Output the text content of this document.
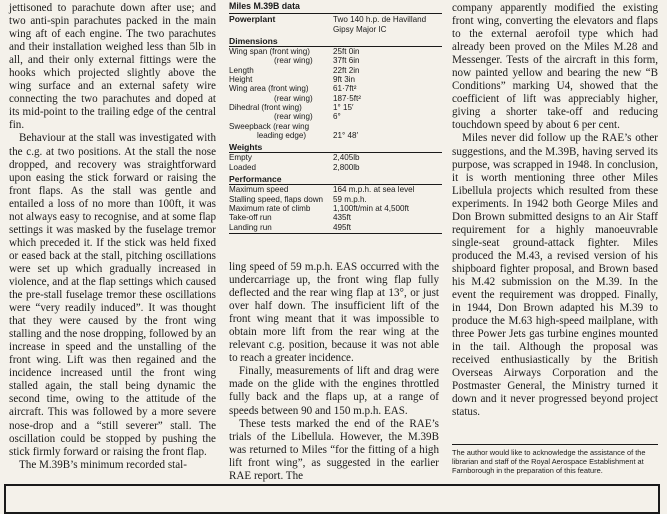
jettisoned to parachute down after use; and two anti-spin parachutes packed in the main wing aft of each engine. The two parachutes and their installation weighed less than 5lb in all, and their only external fittings were the hooks which projected slightly above the wing surface and an external safety wire connecting the two parachutes and doped at its mid-point to the trailing edge of the central fin.

Behaviour at the stall was investigated with the c.g. at two positions. At the stall the nose dropped, and recovery was straightforward upon easing the stick forward or raising the front flaps. As the stall was gentle and entailed a loss of no more than 100ft, it was not always easy to recognise, and at some flap settings it was masked by the fuselage tremor which preceded it. If the stick was held fixed or eased back at the stall, pitching oscillations were set up which gradually increased in violence, and at the flap settings which caused the pre-stall fuselage tremor these oscillations were “very readily induced”. It was thought that they were caused by the front wing stalling and the nose dropping, followed by an increase in speed and the unstalling of the front wing. Lift was then regained and the incidence increased until the front wing stalled again, the stall being dynamic the second time, owing to the attitude of the aircraft. This was followed by a more severe nose-drop and a “still severer” stall. The oscillation could be stopped by pushing the stick firmly forward or raising the front flap.

The M.39B’s minimum recorded stal-

Miles M.39B data
Powerplant	Two 140 h.p. de Havilland
Gipsy Major IC
Dimensions
Wing span (front wing)	25ft 0in
(rear wing)	37ft 6in
Length	22ft 2in
Height	9ft 3in
Wing area (front wing)	61·7ft²
(rear wing)	187·5ft²
Dihedral (front wing)	1° 15′
(rear wing)	6°
Sweepback (rear wing
leading edge)	21° 48′
Weights
Empty	2,405lb
Loaded	2,800lb
Performance
Maximum speed	164 m.p.h. at sea level
Stalling speed, flaps down	59 m.p.h.
Maximum rate of climb	1,100ft/min at 4,500ft
Take-off run	435ft
Landing run	495ft

ling speed of 59 m.p.h. EAS occurred with the undercarriage up, the front wing flap fully deflected and the rear wing flap at 13°, or just over half down. The insufficient lift of the front wing meant that it was impossible to obtain more lift from the rear wing at the relevant c.g. position, because it was not able to reach a greater incidence.

Finally, measurements of lift and drag were made on the glide with the engines throttled fully back and the flaps up, at a range of speeds between 90 and 150 m.p.h. EAS.

These tests marked the end of the RAE’s trials of the Libellula. However, the M.39B was returned to Miles “for the fitting of a high lift front wing”, as suggested in the earlier RAE report. The

company apparently modified the existing front wing, converting the elevators and flaps to the external aerofoil type which had already been proved on the Miles M.28 and Messenger. Tests of the aircraft in this form, now painted yellow and bearing the new “B Conditions” marking U4, showed that the coefficient of lift was appreciably higher, giving a shorter take-off and reducing touchdown speed by about 6 per cent.

Miles never did follow up the RAE’s other suggestions, and the M.39B, having served its purpose, was scrapped in 1948. In conclusion, it is worth mentioning three other Miles Libellula projects which resulted from these experiments. In 1942 both George Miles and Don Brown submitted designs to an Air Staff requirement for a highly manoeuvrable single-seat ground-attack fighter. Miles produced the M.43, a revised version of his shipboard fighter proposal, and Brown based his M.42 submission on the M.39. In the event the requirement was dropped. Finally, in 1944, Don Brown adapted his M.39 to produce the M.63 high-speed mailplane, with three Power Jets gas turbine engines mounted in the tail. Although the proposal was received enthusiastically by the British Overseas Airways Corporation and the Postmaster General, the Ministry turned it down and it never progressed beyond project status.

The author would like to acknowledge the assistance of the librarian and staff of the Royal Aerospace Establishment at Farnborough in the preparation of this feature.
